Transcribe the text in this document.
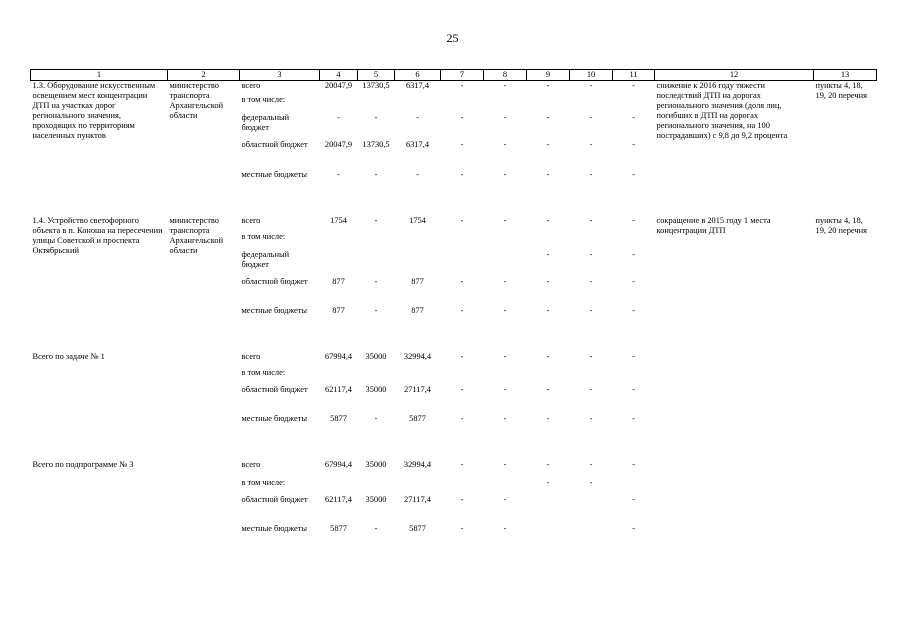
25
1	2	3	4	5	6	7	8	9	10	11	12	13
1.3. Оборудование искусственным освещением мест концентрации ДТП на участках дорог регионального значения, проходящих по территориям населенных пунктов	министерство транспорта Архангельской области	всего	20047,9	13730,5	6317,4	-	-	-	-	-	снижение к 2016 году тяжести последствий ДТП на дорогах регионального значения (доля лиц, погибших в ДТП на дорогах регионального значения, на 100 пострадавших) с 9,8 до 9,2 процента	пункты 4, 18, 19, 20 перечня
		в том числе:										
		федеральный бюджет	-	-	-	-	-	-	-	-		
		областной бюджет	20047,9	13730,5	6317,4	-	-	-	-	-		
		местные бюджеты	-	-	-	-	-	-	-	-		

1.4. Устройство светофорного объекта в п. Коноша на пересечении улицы Советской и проспекта Октябрьский	министерство транспорта Архангельской области	всего	1754	-	1754	-	-	-	-	-	сокращение в 2015 году 1 места концентрации ДТП	пункты 4, 18, 19, 20 перечня
		в том числе:										
		федеральный бюджет						-	-	-		
		областной бюджет	877	-	877	-	-	-	-	-		
		местные бюджеты	877	-	877	-	-	-	-	-		

Всего по задаче № 1		всего	67994,4	35000	32994,4	-	-	-	-	-		
		в том числе:										
		областной бюджет	62117,4	35000	27117,4	-	-	-	-	-		
		местные бюджеты	5877	-	5877	-	-	-	-	-		

Всего по подпрограмме № 3		всего	67994,4	35000	32994,4	-	-	-	-	-		
		в том числе:						-	-			
		областной бюджет	62117,4	35000	27117,4	-	-			-		
		местные бюджеты	5877	-	5877	-	-			-		
